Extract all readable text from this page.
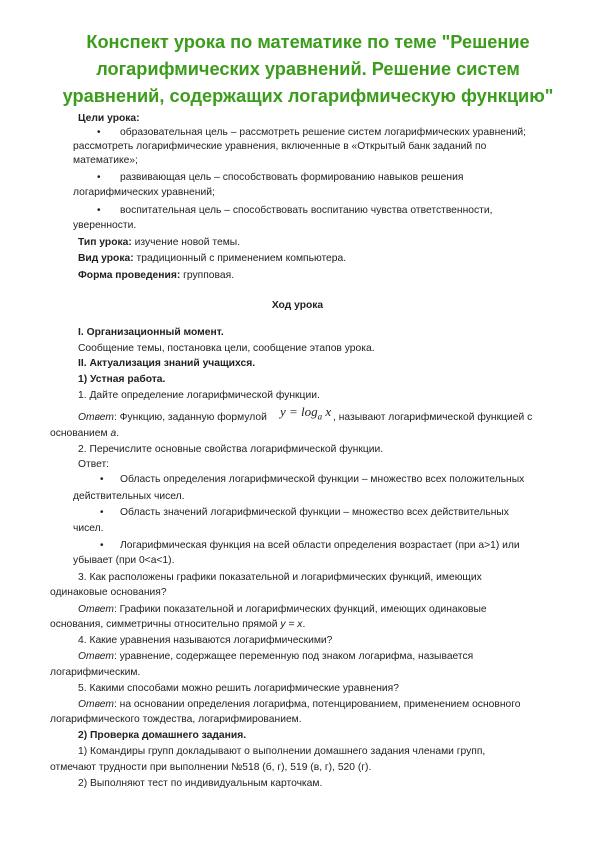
Конспект урока по математике по теме "Решение
логарифмических уравнений. Решение систем
уравнений, содержащих логарифмическую функцию"
Цели урока:
• образовательная цель – рассмотреть решение систем логарифмических уравнений;
рассмотреть логарифмические уравнения, включенные в «Открытый банк заданий по
математике»;
• развивающая цель – способствовать формированию навыков решения
логарифмических уравнений;
• воспитательная цель – способствовать воспитанию чувства ответственности,
уверенности.
Тип урока: изучение новой темы.
Вид урока: традиционный с применением компьютера.
Форма проведения: групповая.
Ход урока
I. Организационный момент.
Сообщение темы, постановка цели, сообщение этапов урока.
II. Актуализация знаний учащихся.
1) Устная работа.
1. Дайте определение логарифмической функции.
Ответ: Функцию, заданную формулой $y = \log_a x$ , называют логарифмической функцией с
основанием a.
2. Перечислите основные свойства логарифмической функции.
Ответ:
• Область определения логарифмической функции – множество всех положительных
действительных чисел.
• Область значений логарифмической функции – множество всех действительных
чисел.
• Логарифмическая функция на всей области определения возрастает (при a>1) или
убывает (при 0<a<1).
3. Как расположены графики показательной и логарифмических функций, имеющих
одинаковые основания?
Ответ: Графики показательной и логарифмических функций, имеющих одинаковые
основания, симметричны относительно прямой y = x.
4. Какие уравнения называются логарифмическими?
Ответ: уравнение, содержащее переменную под знаком логарифма, называется
логарифмическим.
5. Какими способами можно решить логарифмические уравнения?
Ответ: на основании определения логарифма, потенцированием, применением основного
логарифмического тождества, логарифмированием.
2) Проверка домашнего задания.
1) Командиры групп докладывают о выполнении домашнего задания членами групп,
отмечают трудности при выполнении №518 (б, г), 519 (в, г), 520 (г).
2) Выполняют тест по индивидуальным карточкам.
